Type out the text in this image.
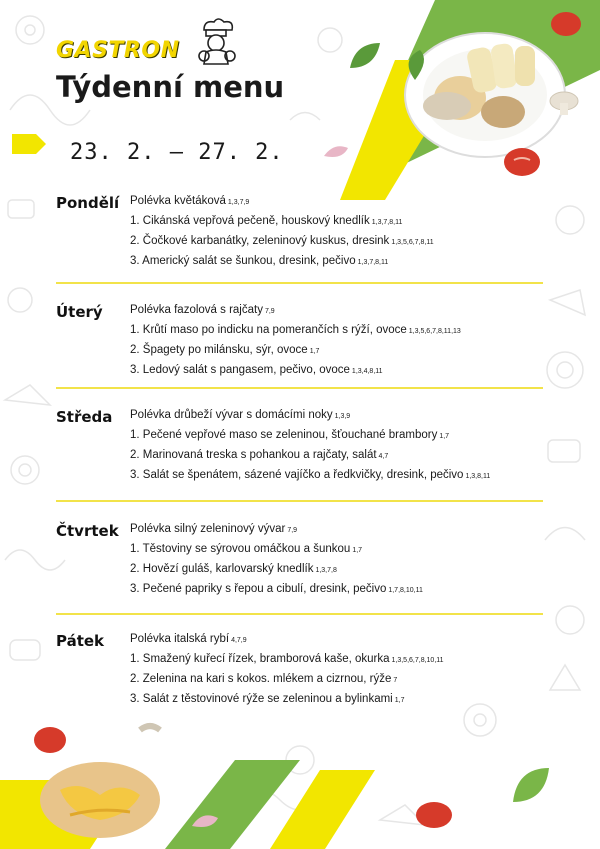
GASTRON
Týdenní menu
23. 2. – 27. 2.
Pondělí Polévka květáková 1,3,7,9
1. Cikánská vepřová pečeně, houskový knedlík 1,3,7,8,11
2. Čočkové karbanátky, zeleninový kuskus, dresink 1,3,5,6,7,8,11
3. Americký salát se šunkou, dresink, pečivo 1,3,7,8,11
Úterý Polévka fazolová s rajčaty 7,9
1. Krůtí maso po indicku na pomerančích s rýží, ovoce 1,3,5,6,7,8,11,13
2. Špagety po milánsku, sýr, ovoce 1,7
3. Ledový salát s pangasem, pečivo, ovoce 1,3,4,8,11
Středa Polévka drůbeží vývar s domácími noky 1,3,9
1. Pečené vepřové maso se zeleninou, šťouchané brambory 1,7
2. Marinovaná treska s pohankou a rajčaty, salát 4,7
3. Salát se špenátem, sázené vajíčko a ředkvičky, dresink, pečivo 1,3,8,11
Čtvrtek Polévka silný zeleninový vývar 7,9
1. Těstoviny se sýrovou omáčkou a šunkou 1,7
2. Hovězí guláš, karlovarský knedlík 1,3,7,8
3. Pečené papriky s řepou a cibulí, dresink, pečivo 1,7,8,10,11
Pátek Polévka italská rybí 4,7,9
1. Smažený kuřecí řízek, bramborová kaše, okurka 1,3,5,6,7,8,10,11
2. Zelenina na kari s kokos. mlékem a cizrnou, rýže 7
3. Salát z těstovinové rýže se zeleninou a bylinkami 1,7
